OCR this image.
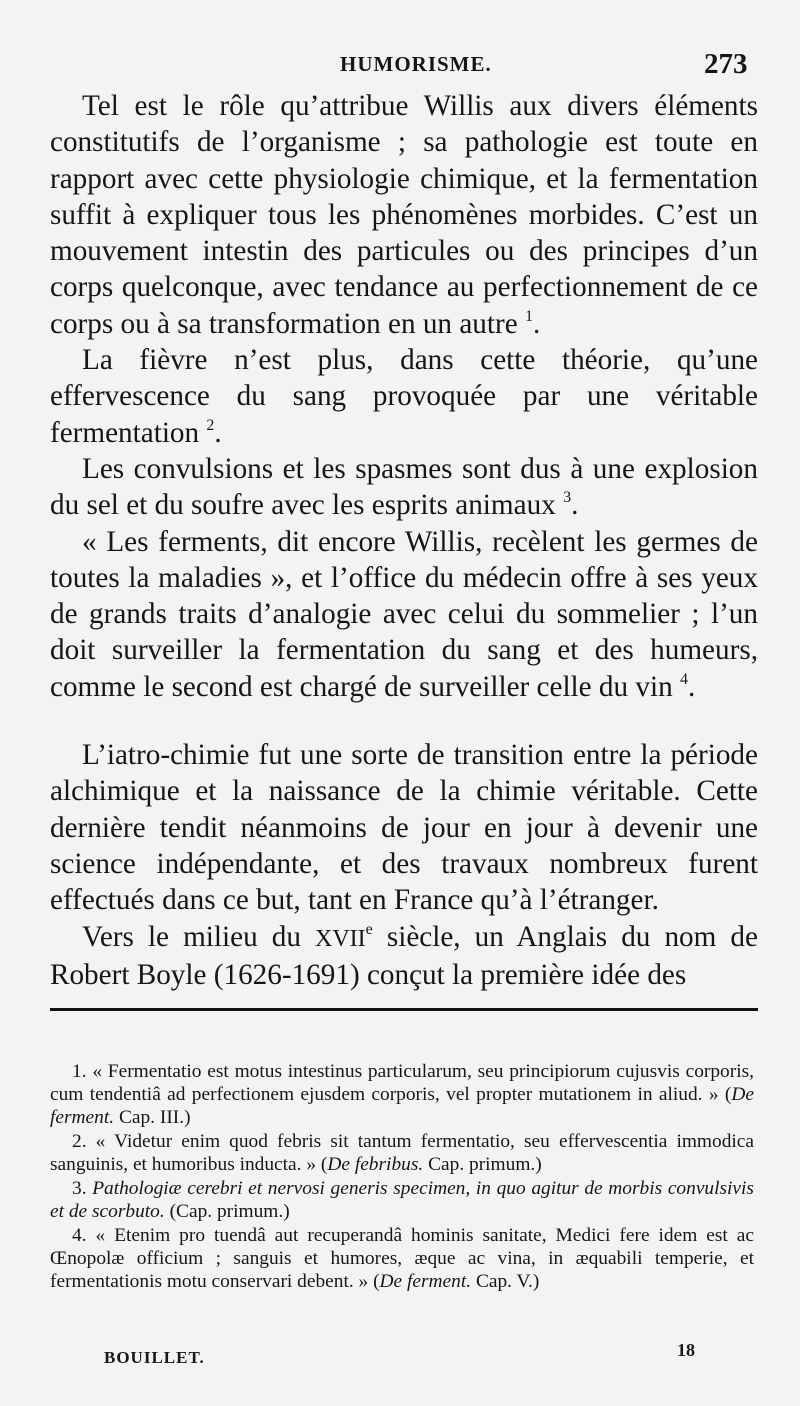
HUMORISME.	273

Tel est le rôle qu’attribue Willis aux divers éléments constitutifs de l’organisme ; sa pathologie est toute en rapport avec cette physiologie chimique, et la fermentation suffit à expliquer tous les phénomènes morbides. C’est un mouvement intestin des particules ou des principes d’un corps quelconque, avec tendance au perfectionnement de ce corps ou à sa transformation en un autre $^1$.

La fièvre n’est plus, dans cette théorie, qu’une effervescence du sang provoquée par une véritable fermentation $^2$.

Les convulsions et les spasmes sont dus à une explosion du sel et du soufre avec les esprits animaux $^3$.

« Les ferments, dit encore Willis, recèlent les germes de toutes la maladies », et l’office du médecin offre à ses yeux de grands traits d’analogie avec celui du sommelier ; l’un doit surveiller la fermentation du sang et des humeurs, comme le second est chargé de surveiller celle du vin $^4$.

L’iatro-chimie fut une sorte de transition entre la période alchimique et la naissance de la chimie véritable. Cette dernière tendit néanmoins de jour en jour à devenir une science indépendante, et des travaux nombreux furent effectués dans ce but, tant en France qu’à l’étranger.

Vers le milieu du XVIIe siècle, un Anglais du nom de Robert Boyle (1626-1691) conçut la première idée des

1. « Fermentatio est motus intestinus particularum, seu principiorum cujusvis corporis, cum tendentiâ ad perfectionem ejusdem corporis, vel propter mutationem in aliud. » (De ferment. Cap. III.)

2. « Videtur enim quod febris sit tantum fermentatio, seu effervescentia immodica sanguinis, et humoribus inducta. » (De febribus. Cap. primum.)

3. Pathologiæ cerebri et nervosi generis specimen, in quo agitur de morbis convulsivis et de scorbuto. (Cap. primum.)

4. « Etenim pro tuendâ aut recuperandâ hominis sanitate, Medici fere idem est ac Œnopolæ officium ; sanguis et humores, æque ac vina, in æquabili temperie, et fermentationis motu conservari debent. » (De ferment. Cap. V.)

BOUILLET.	18
